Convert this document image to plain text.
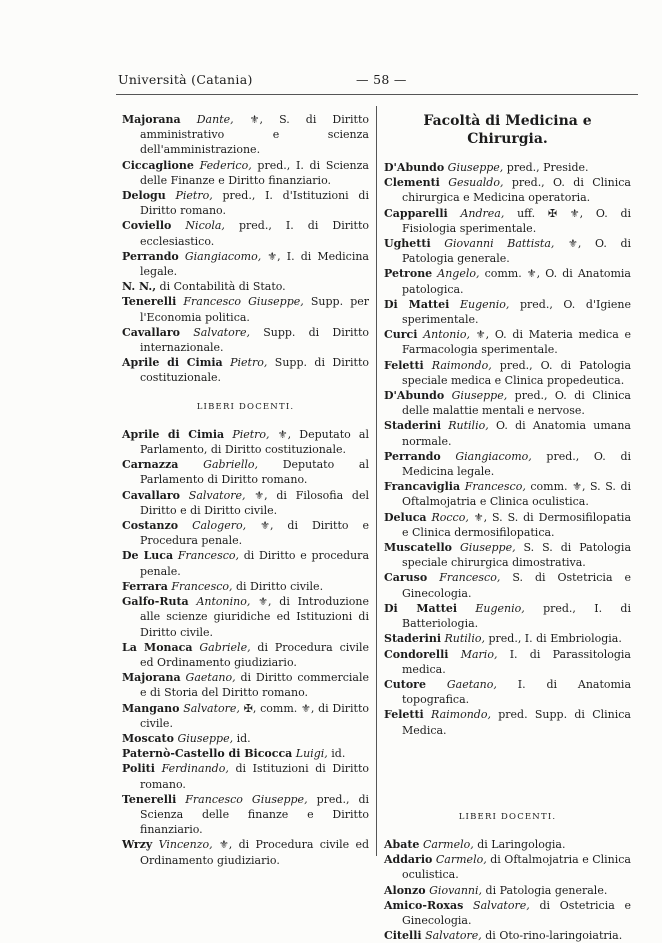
Università (Catania)	— 58 —
Majorana Dante, ⚜, S. di Diritto amministrativo e scienza dell'amministrazione.
Ciccaglione Federico, pred., I. di Scienza delle Finanze e Diritto finanziario.
Delogu Pietro, pred., I. d'Istituzioni di Diritto romano.
Coviello Nicola, pred., I. di Diritto ecclesiastico.
Perrando Giangiacomo, ⚜, I. di Medicina legale.
N. N., di Contabilità di Stato.
Tenerelli Francesco Giuseppe, Supp. per l'Economia politica.
Cavallaro Salvatore, Supp. di Diritto internazionale.
Aprile di Cimia Pietro, Supp. di Diritto costituzionale.
LIBERI DOCENTI.
Aprile di Cimia Pietro, ⚜, Deputato al Parlamento, di Diritto costituzionale.
Carnazza Gabriello, Deputato al Parlamento di Diritto romano.
Cavallaro Salvatore, ⚜, di Filosofia del Diritto e di Diritto civile.
Costanzo Calogero, ⚜, di Diritto e Procedura penale.
De Luca Francesco, di Diritto e procedura penale.
Ferrara Francesco, di Diritto civile.
Galfo-Ruta Antonino, ⚜, di Introduzione alle scienze giuridiche ed Istituzioni di Diritto civile.
La Monaca Gabriele, di Procedura civile ed Ordinamento giudiziario.
Majorana Gaetano, di Diritto commerciale e di Storia del Diritto romano.
Mangano Salvatore, ✠, comm. ⚜, di Diritto civile.
Moscato Giuseppe, id.
Paternò-Castello di Bicocca Luigi, id.
Politi Ferdinando, di Istituzioni di Diritto romano.
Tenerelli Francesco Giuseppe, pred., di Scienza delle finanze e Diritto finanziario.
Wrzy Vincenzo, ⚜, di Procedura civile ed Ordinamento giudiziario.
Facoltà di Medicina e Chirurgia.
D'Abundo Giuseppe, pred., Preside.
Clementi Gesualdo, pred., O. di Clinica chirurgica e Medicina operatoria.
Capparelli Andrea, uff. ✠ ⚜, O. di Fisiologia sperimentale.
Ughetti Giovanni Battista, ⚜, O. di Patologia generale.
Petrone Angelo, comm. ⚜, O. di Anatomia patologica.
Di Mattei Eugenio, pred., O. d'Igiene sperimentale.
Curci Antonio, ⚜, O. di Materia medica e Farmacologia sperimentale.
Feletti Raimondo, pred., O. di Patologia speciale medica e Clinica propedeutica.
D'Abundo Giuseppe, pred., O. di Clinica delle malattie mentali e nervose.
Staderini Rutilio, O. di Anatomia umana normale.
Perrando Giangiacomo, pred., O. di Medicina legale.
Francaviglia Francesco, comm. ⚜, S. S. di Oftalmojatria e Clinica oculistica.
Delucа Rocco, ⚜, S. S. di Dermosifilopatia e Clinica dermosifilopatica.
Muscatello Giuseppe, S. S. di Patologia speciale chirurgica dimostrativa.
Caruso Francesco, S. di Ostetricia e Ginecologia.
Di Mattei Eugenio, pred., I. di Batteriologia.
Staderini Rutilio, pred., I. di Embriologia.
Condorelli Mario, I. di Parassitologia medica.
Cutore Gaetano, I. di Anatomia topografica.
Feletti Raimondo, pred. Supp. di Clinica Medica.
LIBERI DOCENTI.
Abate Carmelo, di Laringologia.
Addario Carmelo, di Oftalmojatria e Clinica oculistica.
Alonzo Giovanni, di Patologia generale.
Amico-Roxas Salvatore, di Ostetricia e Ginecologia.
Citelli Salvatore, di Oto-rino-laringoiatria.
